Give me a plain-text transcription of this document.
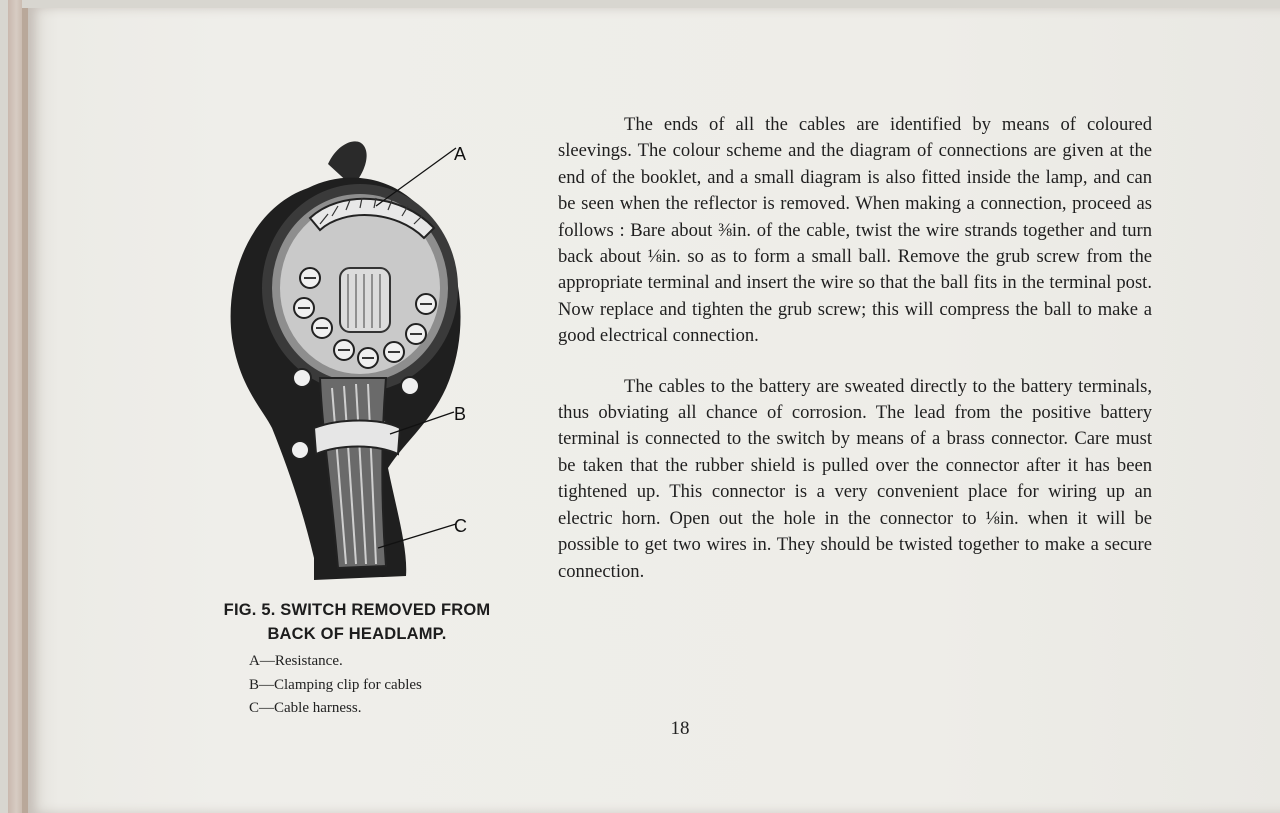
A
B
C
FIG. 5. SWITCH REMOVED FROM
BACK OF HEADLAMP.
A—Resistance.
B—Clamping clip for cables
C—Cable harness.

The ends of all the cables are identified by means of coloured sleevings. The colour scheme and the diagram of connections are given at the end of the booklet, and a small diagram is also fitted inside the lamp, and can be seen when the reflector is removed. When making a connection, proceed as follows : Bare about ⅜in. of the cable, twist the wire strands together and turn back about ⅛in. so as to form a small ball. Remove the grub screw from the appropriate terminal and insert the wire so that the ball fits in the terminal post. Now replace and tighten the grub screw; this will compress the ball to make a good electrical connection.

The cables to the battery are sweated directly to the battery terminals, thus obviating all chance of corrosion. The lead from the positive battery terminal is connected to the switch by means of a brass connector. Care must be taken that the rubber shield is pulled over the connector after it has been tightened up. This connector is a very convenient place for wiring up an electric horn. Open out the hole in the connector to ⅛in. when it will be possible to get two wires in. They should be twisted together to make a secure connection.

18
